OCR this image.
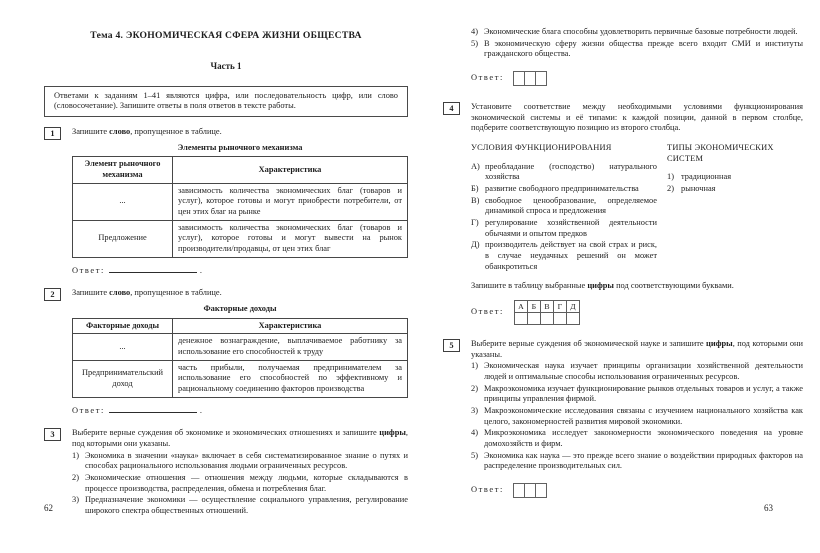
Тема 4. ЭКОНОМИЧЕСКАЯ СФЕРА ЖИЗНИ ОБЩЕСТВА
Часть 1
Ответами к заданиям 1–41 являются цифра, или последовательность цифр, или слово (словосочетание). Запишите ответы в поля ответов в тексте работы.
1	Запишите слово, пропущенное в таблице.
Элементы рыночного механизма
Элемент рыночного механизма	Характеристика
...	зависимость количества экономических благ (товаров и услуг), которое готовы и могут приобрести потребители, от цен этих благ на рынке
Предложение	зависимость количества экономических благ (товаров и услуг), которое готовы и могут вывести на рынок производители/продавцы, от цен этих благ
Ответ:	.
2	Запишите слово, пропущенное в таблице.
Факторные доходы
Факторные доходы	Характеристика
...	денежное вознаграждение, выплачиваемое работнику за использование его способностей к труду
Предпринимательский доход	часть прибыли, получаемая предпринимателем за использование его способностей по эффективному и рациональному соединению факторов производства
Ответ:	.
3	Выберите верные суждения об экономике и экономических отношениях и запишите цифры, под которыми они указаны.
1) Экономика в значении «наука» включает в себя систематизированное знание о путях и способах рационального использования людьми ограниченных ресурсов.
2) Экономические отношения — отношения между людьми, которые складываются в процессе производства, распределения, обмена и потребления благ.
3) Предназначение экономики — осуществление социального управления, регулирование широкого спектра общественных отношений.
4) Экономические блага способны удовлетворить первичные базовые потребности людей.
5) В экономическую сферу жизни общества прежде всего входит СМИ и институты гражданского общества.
Ответ:
4	Установите соответствие между необходимыми условиями функционирования экономической системы и её типами: к каждой позиции, данной в первом столбце, подберите соответствующую позицию из второго столбца.
УСЛОВИЯ ФУНКЦИОНИРОВАНИЯ
А) преобладание (господство) натурального хозяйства
Б) развитие свободного предпринимательства
В) свободное ценообразование, определяемое динамикой спроса и предложения
Г) регулирование хозяйственной деятельности обычаями и опытом предков
Д) производитель действует на свой страх и риск, в случае неудачных решений он может обанкротиться
ТИПЫ ЭКОНОМИЧЕСКИХ СИСТЕМ
1) традиционная
2) рыночная
Запишите в таблицу выбранные цифры под соответствующими буквами.
Ответ:
А	Б	В	Г	Д

5	Выберите верные суждения об экономической науке и запишите цифры, под которыми они указаны.
1) Экономическая наука изучает принципы организации хозяйственной деятельности людей и оптимальные способы использования ограниченных ресурсов.
2) Макроэкономика изучает функционирование рынков отдельных товаров и услуг, а также принципы управления фирмой.
3) Макроэкономические исследования связаны с изучением национального хозяйства как целого, закономерностей развития мировой экономики.
4) Микроэкономика исследует закономерности экономического поведения на уровне домохозяйств и фирм.
5) Экономика как наука — это прежде всего знание о воздействии природных факторов на распределение производительных сил.
Ответ:
62	63
